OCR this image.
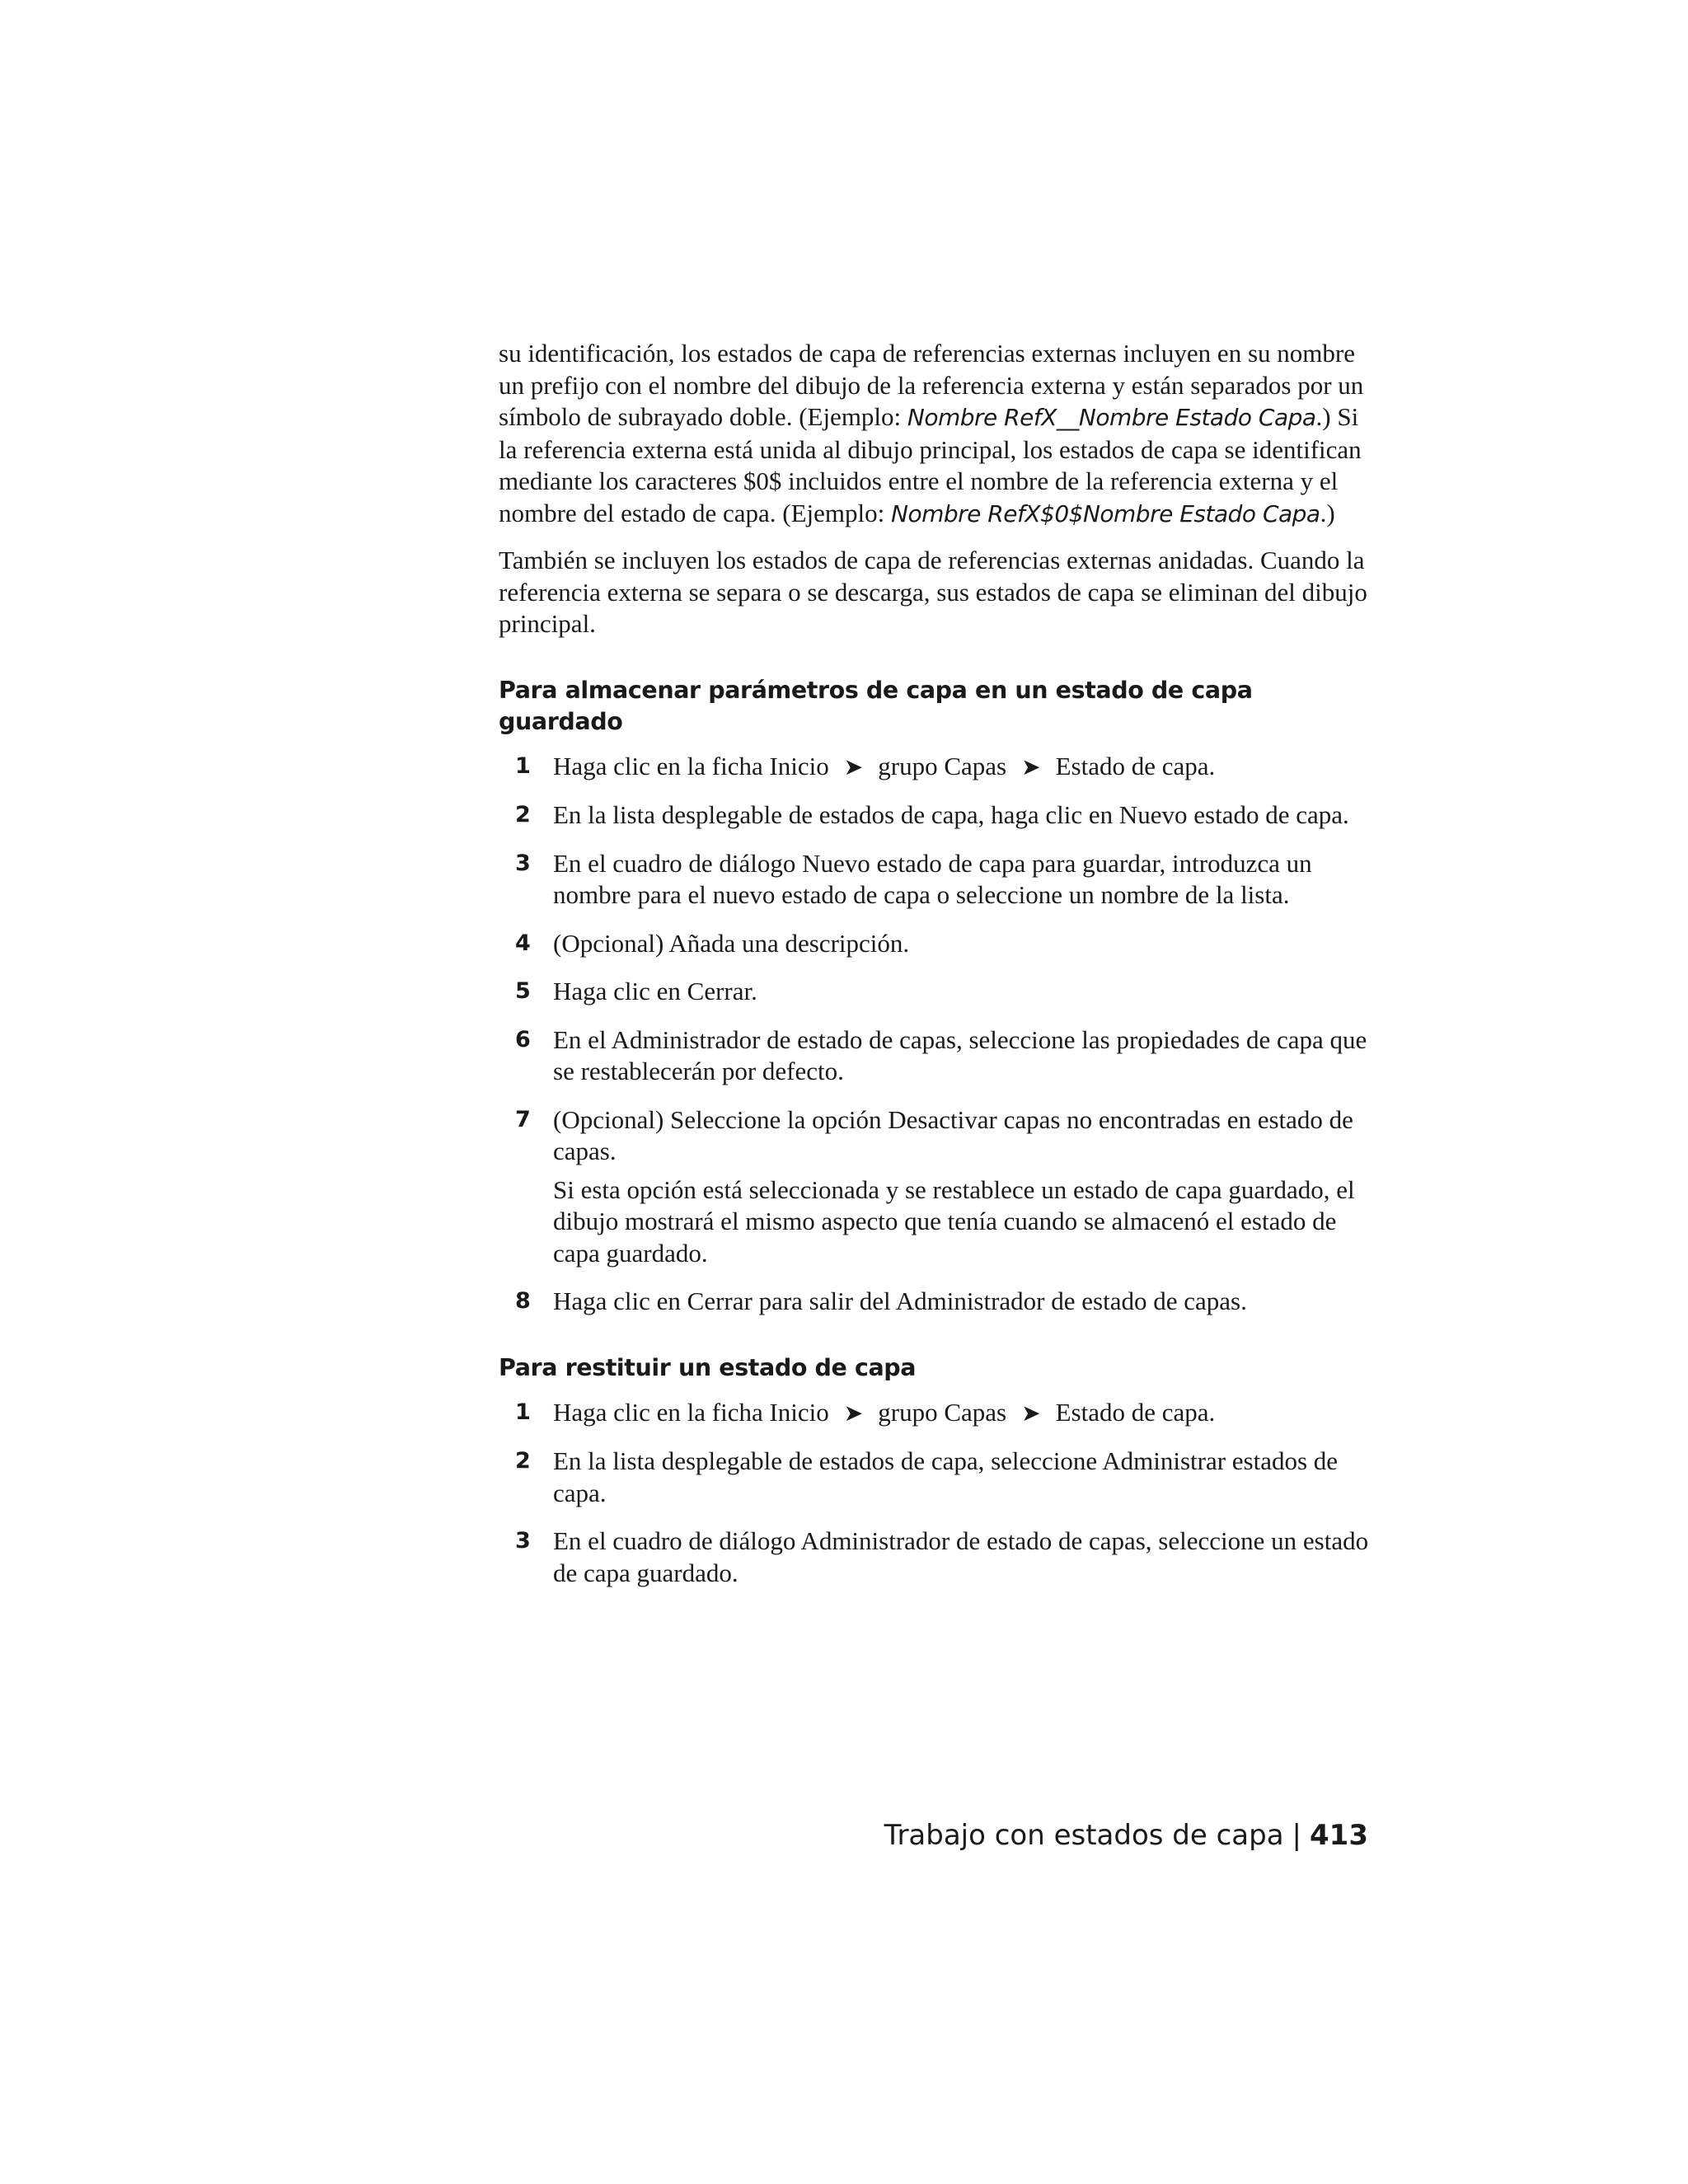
su identificación, los estados de capa de referencias externas incluyen en su nombre un prefijo con el nombre del dibujo de la referencia externa y están separados por un símbolo de subrayado doble. (Ejemplo: Nombre RefX__Nombre Estado Capa.) Si la referencia externa está unida al dibujo principal, los estados de capa se identifican mediante los caracteres $0$ incluidos entre el nombre de la referencia externa y el nombre del estado de capa. (Ejemplo: Nombre RefX$0$Nombre Estado Capa.)

También se incluyen los estados de capa de referencias externas anidadas. Cuando la referencia externa se separa o se descarga, sus estados de capa se eliminan del dibujo principal.

Para almacenar parámetros de capa en un estado de capa guardado
1 Haga clic en la ficha Inicio ➤ grupo Capas ➤ Estado de capa.
2 En la lista desplegable de estados de capa, haga clic en Nuevo estado de capa.
3 En el cuadro de diálogo Nuevo estado de capa para guardar, introduzca un nombre para el nuevo estado de capa o seleccione un nombre de la lista.
4 (Opcional) Añada una descripción.
5 Haga clic en Cerrar.
6 En el Administrador de estado de capas, seleccione las propiedades de capa que se restablecerán por defecto.
7 (Opcional) Seleccione la opción Desactivar capas no encontradas en estado de capas.
Si esta opción está seleccionada y se restablece un estado de capa guardado, el dibujo mostrará el mismo aspecto que tenía cuando se almacenó el estado de capa guardado.
8 Haga clic en Cerrar para salir del Administrador de estado de capas.
Para restituir un estado de capa
1 Haga clic en la ficha Inicio ➤ grupo Capas ➤ Estado de capa.
2 En la lista desplegable de estados de capa, seleccione Administrar estados de capa.
3 En el cuadro de diálogo Administrador de estado de capas, seleccione un estado de capa guardado.
Trabajo con estados de capa | 413
